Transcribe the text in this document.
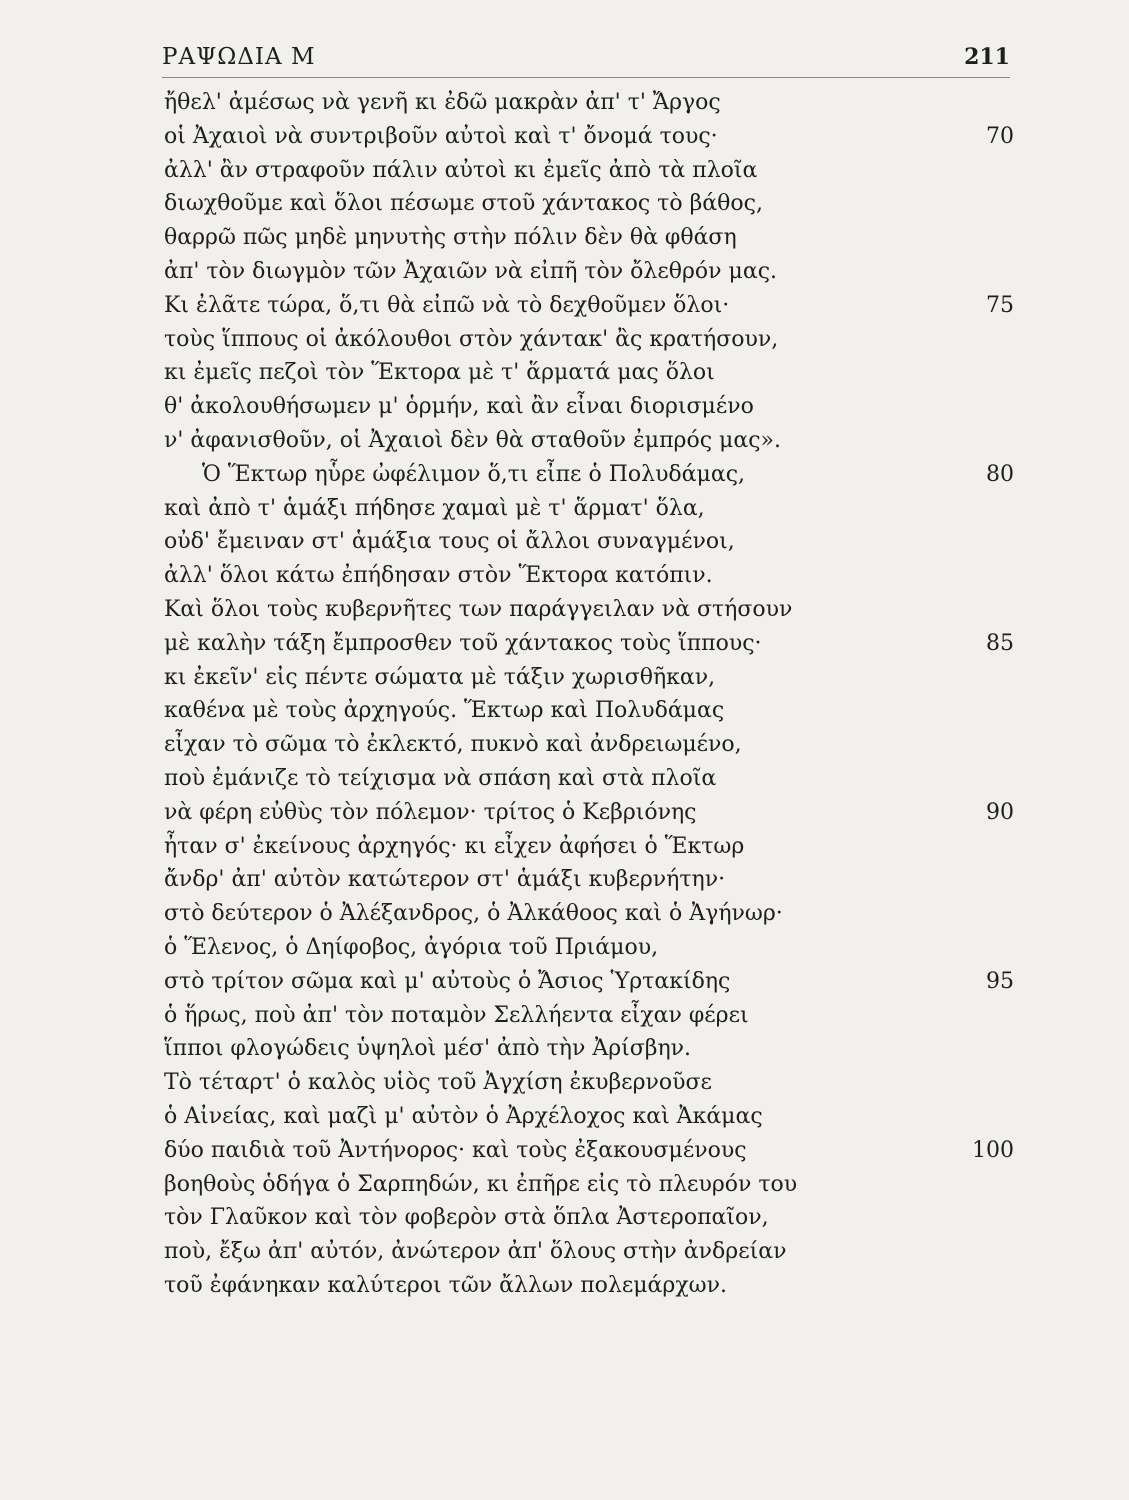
ΡΑΨΩΔΙΑ Μ	211
ἤθελ' ἀμέσως νὰ γενῆ κι ἐδῶ μακρὰν ἀπ' τ' Ἄργος
οἱ Ἀχαιοὶ νὰ συντριβοῦν αὐτοὶ καὶ τ' ὄνομά τους·	70
ἀλλ' ἂν στραφοῦν πάλιν αὐτοὶ κι ἐμεῖς ἀπὸ τὰ πλοῖα
διωχθοῦμε καὶ ὅλοι πέσωμε στοῦ χάντακος τὸ βάθος,
θαρρῶ πῶς μηδὲ μηνυτὴς στὴν πόλιν δὲν θὰ φθάση
ἀπ' τὸν διωγμὸν τῶν Ἀχαιῶν νὰ εἰπῆ τὸν ὄλεθρόν μας.
Κι ἐλᾶτε τώρα, ὅ,τι θὰ εἰπῶ νὰ τὸ δεχθοῦμεν ὅλοι·	75
τοὺς ἵππους οἱ ἀκόλουθοι στὸν χάντακ' ἂς κρατήσουν,
κι ἐμεῖς πεζοὶ τὸν Ἕκτορα μὲ τ' ἅρματά μας ὅλοι
θ' ἀκολουθήσωμεν μ' ὁρμήν, καὶ ἂν εἶναι διορισμένο
ν' ἀφανισθοῦν, οἱ Ἀχαιοὶ δὲν θὰ σταθοῦν ἐμπρός μας».
Ὁ Ἕκτωρ ηὗρε ὠφέλιμον ὅ,τι εἶπε ὁ Πολυδάμας,	80
καὶ ἀπὸ τ' ἁμάξι πήδησε χαμαὶ μὲ τ' ἅρματ' ὅλα,
οὐδ' ἔμειναν στ' ἁμάξια τους οἱ ἄλλοι συναγμένοι,
ἀλλ' ὅλοι κάτω ἐπήδησαν στὸν Ἕκτορα κατόπιν.
Καὶ ὅλοι τοὺς κυβερνῆτες των παράγγειλαν νὰ στήσουν
μὲ καλὴν τάξη ἔμπροσθεν τοῦ χάντακος τοὺς ἵππους·	85
κι ἐκεῖν' εἰς πέντε σώματα μὲ τάξιν χωρισθῆκαν,
καθένα μὲ τοὺς ἀρχηγούς. Ἕκτωρ καὶ Πολυδάμας
εἶχαν τὸ σῶμα τὸ ἐκλεκτό, πυκνὸ καὶ ἀνδρειωμένο,
ποὺ ἐμάνιζε τὸ τείχισμα νὰ σπάση καὶ στὰ πλοῖα
νὰ φέρη εὐθὺς τὸν πόλεμον· τρίτος ὁ Κεβριόνης	90
ἦταν σ' ἐκείνους ἀρχηγός· κι εἶχεν ἀφήσει ὁ Ἕκτωρ
ἄνδρ' ἀπ' αὐτὸν κατώτερον στ' ἁμάξι κυβερνήτην·
στὸ δεύτερον ὁ Ἀλέξανδρος, ὁ Ἀλκάθοος καὶ ὁ Ἀγήνωρ·
ὁ Ἕλενος, ὁ Δηίφοβος, ἀγόρια τοῦ Πριάμου,
στὸ τρίτον σῶμα καὶ μ' αὐτοὺς ὁ Ἄσιος Ὑρτακίδης	95
ὁ ἥρως, ποὺ ἀπ' τὸν ποταμὸν Σελλήεντα εἶχαν φέρει
ἵπποι φλογώδεις ὑψηλοὶ μέσ' ἀπὸ τὴν Ἀρίσβην.
Τὸ τέταρτ' ὁ καλὸς υἱὸς τοῦ Ἀγχίση ἐκυβερνοῦσε
ὁ Αἰνείας, καὶ μαζὶ μ' αὐτὸν ὁ Ἀρχέλοχος καὶ Ἀκάμας
δύο παιδιὰ τοῦ Ἀντήνορος· καὶ τοὺς ἐξακουσμένους	100
βοηθοὺς ὁδήγα ὁ Σαρπηδών, κι ἐπῆρε εἰς τὸ πλευρόν του
τὸν Γλαῦκον καὶ τὸν φοβερὸν στὰ ὅπλα Ἀστεροπαῖον,
ποὺ, ἔξω ἀπ' αὐτόν, ἀνώτερον ἀπ' ὅλους στὴν ἀνδρείαν
τοῦ ἐφάνηκαν καλύτεροι τῶν ἄλλων πολεμάρχων.
